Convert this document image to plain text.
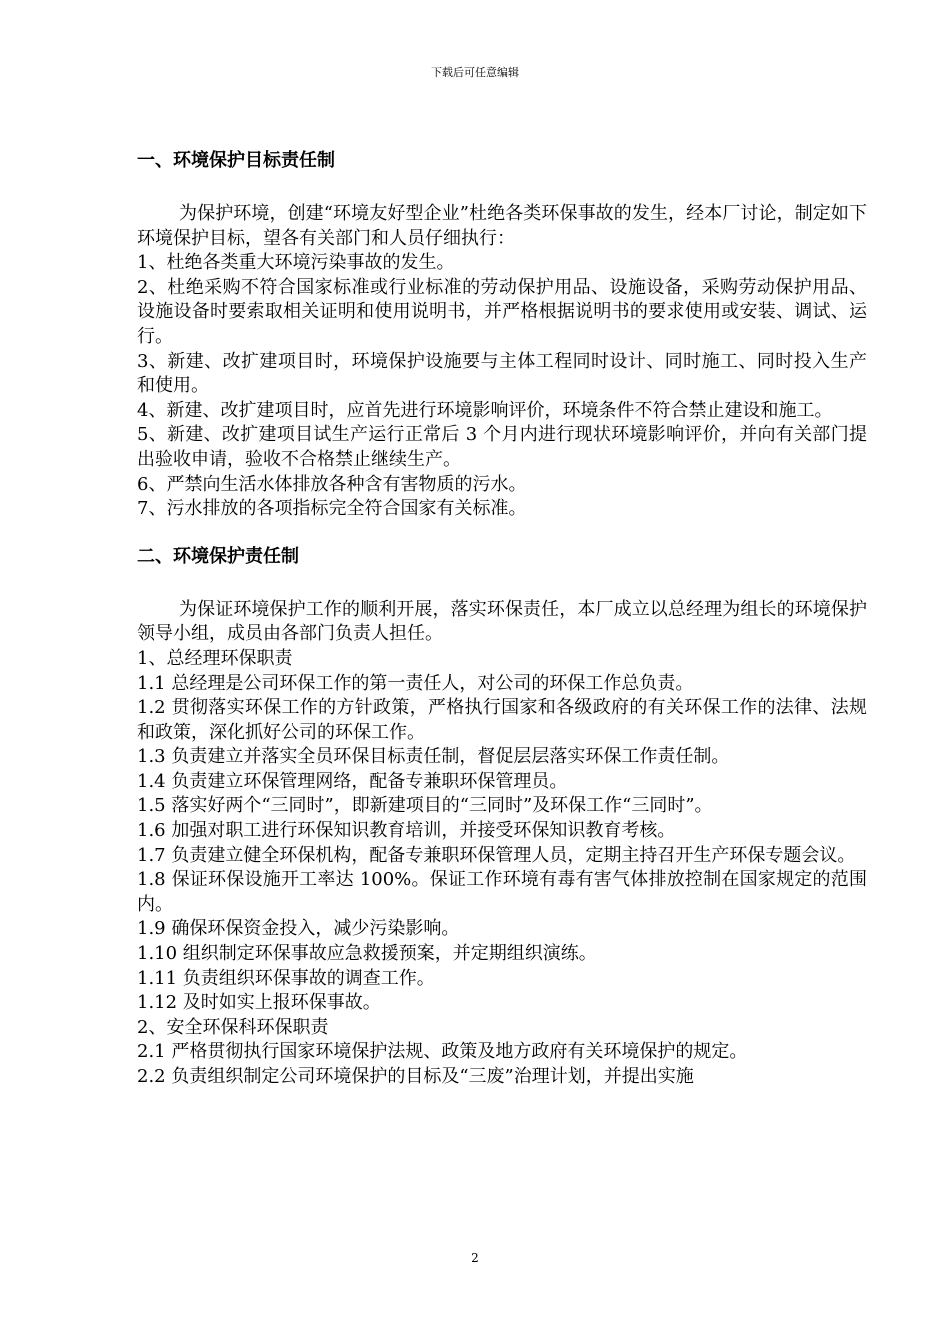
下载后可任意编辑
一、环境保护目标责任制

为保护环境，创建“环境友好型企业”杜绝各类环保事故的发生，经本厂讨论，制定如下环境保护目标，望各有关部门和人员仔细执行：

1、杜绝各类重大环境污染事故的发生。

2、杜绝采购不符合国家标准或行业标准的劳动保护用品、设施设备，采购劳动保护用品、设施设备时要索取相关证明和使用说明书，并严格根据说明书的要求使用或安装、调试、运行。

3、新建、改扩建项目时，环境保护设施要与主体工程同时设计、同时施工、同时投入生产和使用。

4、新建、改扩建项目时，应首先进行环境影响评价，环境条件不符合禁止建设和施工。

5、新建、改扩建项目试生产运行正常后 3 个月内进行现状环境影响评价，并向有关部门提出验收申请，验收不合格禁止继续生产。

6、严禁向生活水体排放各种含有害物质的污水。

7、污水排放的各项指标完全符合国家有关标准。

二、环境保护责任制

为保证环境保护工作的顺利开展，落实环保责任，本厂成立以总经理为组长的环境保护领导小组，成员由各部门负责人担任。

1、总经理环保职责

1.1 总经理是公司环保工作的第一责任人，对公司的环保工作总负责。

1.2 贯彻落实环保工作的方针政策，严格执行国家和各级政府的有关环保工作的法律、法规和政策，深化抓好公司的环保工作。

1.3 负责建立并落实全员环保目标责任制，督促层层落实环保工作责任制。

1.4 负责建立环保管理网络，配备专兼职环保管理员。

1.5 落实好两个“三同时”，即新建项目的“三同时”及环保工作“三同时”。

1.6 加强对职工进行环保知识教育培训，并接受环保知识教育考核。

1.7 负责建立健全环保机构，配备专兼职环保管理人员，定期主持召开生产环保专题会议。

1.8 保证环保设施开工率达 100%。保证工作环境有毒有害气体排放控制在国家规定的范围内。

1.9 确保环保资金投入，减少污染影响。

1.10 组织制定环保事故应急救援预案，并定期组织演练。

1.11 负责组织环保事故的调查工作。

1.12 及时如实上报环保事故。

2、安全环保科环保职责

2.1 严格贯彻执行国家环境保护法规、政策及地方政府有关环境保护的规定。

2.2 负责组织制定公司环境保护的目标及“三废”治理计划，并提出实施

2
